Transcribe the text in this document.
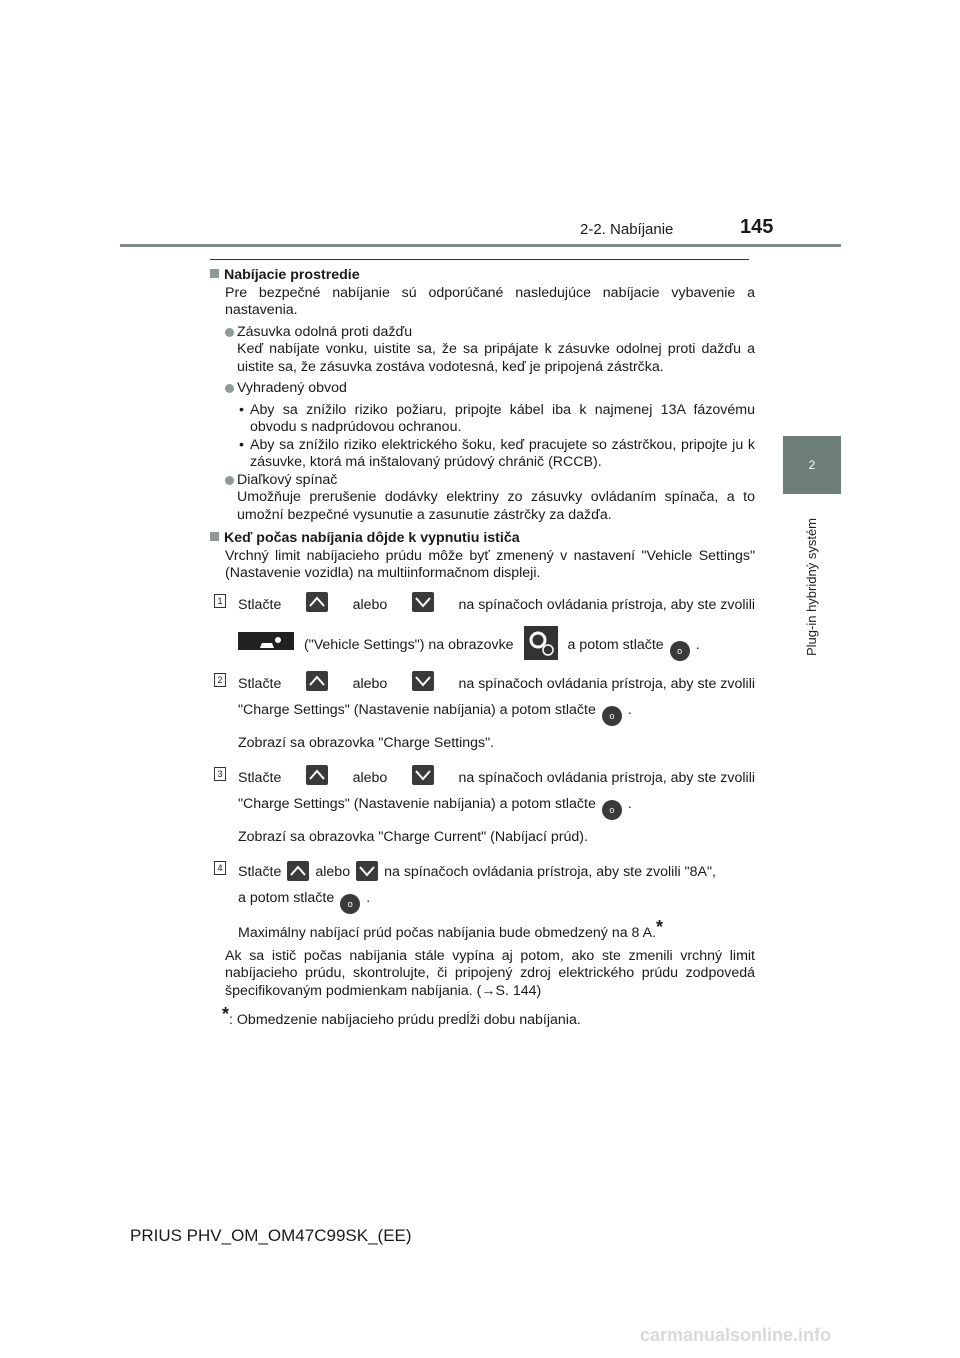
2-2. Nabíjanie	145
2
Plug-in hybridný systém
Nabíjacie prostredie
Pre bezpečné nabíjanie sú odporúčané nasledujúce nabíjacie vybavenie a nastavenia.
Zásuvka odolná proti dažďu
Keď nabíjate vonku, uistite sa, že sa pripájate k zásuvke odolnej proti dažďu a uistite sa, že zásuvka zostáva vodotesná, keď je pripojená zástrčka.
Vyhradený obvod
• Aby sa znížilo riziko požiaru, pripojte kábel iba k najmenej 13A fázovému obvodu s nadprúdovou ochranou.
• Aby sa znížilo riziko elektrického šoku, keď pracujete so zástrčkou, pripojte ju k zásuvke, ktorá má inštalovaný prúdový chránič (RCCB).
Diaľkový spínač
Umožňuje prerušenie dodávky elektriny zo zásuvky ovládaním spínača, a to umožní bezpečné vysunutie a zasunutie zástrčky za dažďa.
Keď počas nabíjania dôjde k vypnutiu ističa
Vrchný limit nabíjacieho prúdu môže byť zmenený v nastavení "Vehicle Settings" (Nastavenie vozidla) na multiinformačnom displeji.
1 Stlačte	alebo	na spínačoch ovládania prístroja, aby ste zvolili
("Vehicle Settings") na obrazovke	a potom stlačte o .
2 Stlačte	alebo	na spínačoch ovládania prístroja, aby ste zvolili
"Charge Settings" (Nastavenie nabíjania) a potom stlačte o .
Zobrazí sa obrazovka "Charge Settings".
3 Stlačte	alebo	na spínačoch ovládania prístroja, aby ste zvolili
"Charge Settings" (Nastavenie nabíjania) a potom stlačte o .
Zobrazí sa obrazovka "Charge Current" (Nabíjací prúd).
4 Stlačte alebo na spínačoch ovládania prístroja, aby ste zvolili "8A",
a potom stlačte o .
Maximálny nabíjací prúd počas nabíjania bude obmedzený na 8 A.*
Ak sa istič počas nabíjania stále vypína aj potom, ako ste zmenili vrchný limit nabíjacieho prúdu, skontrolujte, či pripojený zdroj elektrického prúdu zodpovedá špecifikovaným podmienkam nabíjania. (→S. 144)
*: Obmedzenie nabíjacieho prúdu predĺži dobu nabíjania.
PRIUS PHV_OM_OM47C99SK_(EE)
carmanualsonline.info
